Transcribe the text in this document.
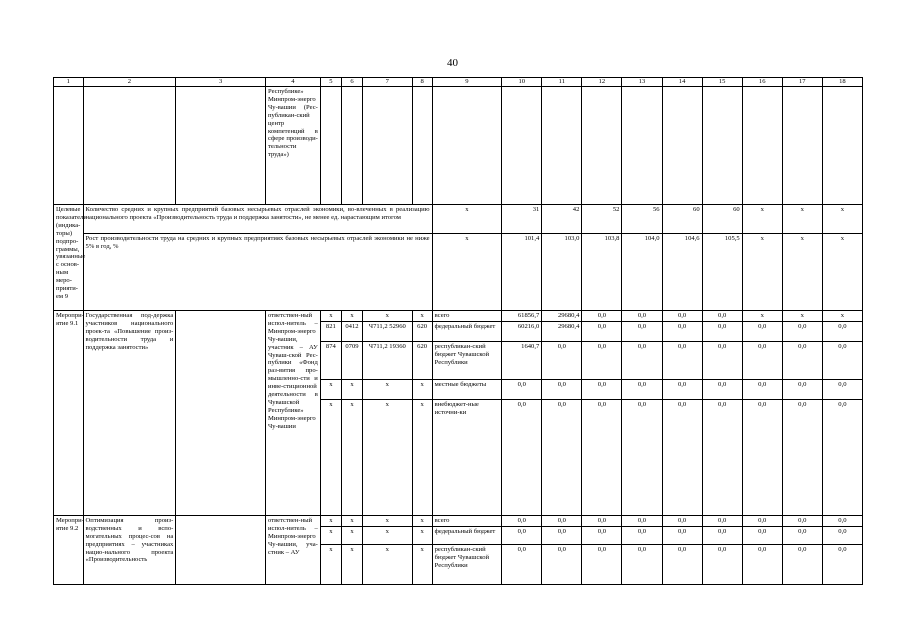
40
1	2	3	4	5	6	7	8	9	10	11	12	13	14	15	16	17	18
			Республике» Минпром-энерго Чу-вашии (Рес-публикан-ский центр компетенций в сфере производи-тельности труда»)														
Целевые показатели (индика-торы) подпро-граммы, увязанные с основ-ным меро-прияти-ем 9	Количество средних и крупных предприятий базовых несырьевых отраслей экономики, во-влеченных в реализацию национального проекта «Производительность труда и поддержка занятости», не менее ед. нарастающим итогом							x	31	42	52	56	60	60	x	x	x
	Рост производительности труда на средних и крупных предприятиях базовых несырьевых отраслей экономики не ниже 5% в год, %							x	101,4	103,0	103,8	104,0	104,6	105,5	x	x	x
Меропри-ятие 9.1	Государственная под-держка участников национального проек-та «Повышение произ-водительности труда и поддержка занятости»		ответствен-ный испол-нитель – Минпром-энерго Чу-вашии, участник – АУ Чуваш-ской Рес-публики «Фонд раз-вития про-мышленно-сти и инве-стиционной деятельности в Чувашской Республике» Минпром-энерго Чу-вашии	x	x	x	x	всего	61856,7	29680,4	0,0	0,0	0,0	0,0	x	x	x
				821	0412	Ч711,2 52960	620	федеральный бюджет	60216,0	29680,4	0,0	0,0	0,0	0,0	0,0	0,0	0,0
				874	0709	Ч711,2 19360	620	республикан-ский бюджет Чувашской Республики	1640,7	0,0	0,0	0,0	0,0	0,0	0,0	0,0	0,0
				x	x	x	x	местные бюджеты	0,0	0,0	0,0	0,0	0,0	0,0	0,0	0,0	0,0
				x	x	x	x	внебюджет-ные источни-ки	0,0	0,0	0,0	0,0	0,0	0,0	0,0	0,0	0,0
Меропри-ятие 9.2	Оптимизация произ-водственных и вспо-могательных процес-сов на предприятиях – участниках нацио-нального проекта «Производительность		ответствен-ный испол-нитель – Минпром-энерго Чу-вашии, уча-стник – АУ	x	x	x	x	всего	0,0	0,0	0,0	0,0	0,0	0,0	0,0	0,0	0,0
				x	x	x	x	федеральный бюджет	0,0	0,0	0,0	0,0	0,0	0,0	0,0	0,0	0,0
				x	x	x	x	республикан-ский бюджет Чувашской Республики	0,0	0,0	0,0	0,0	0,0	0,0	0,0	0,0	0,0
